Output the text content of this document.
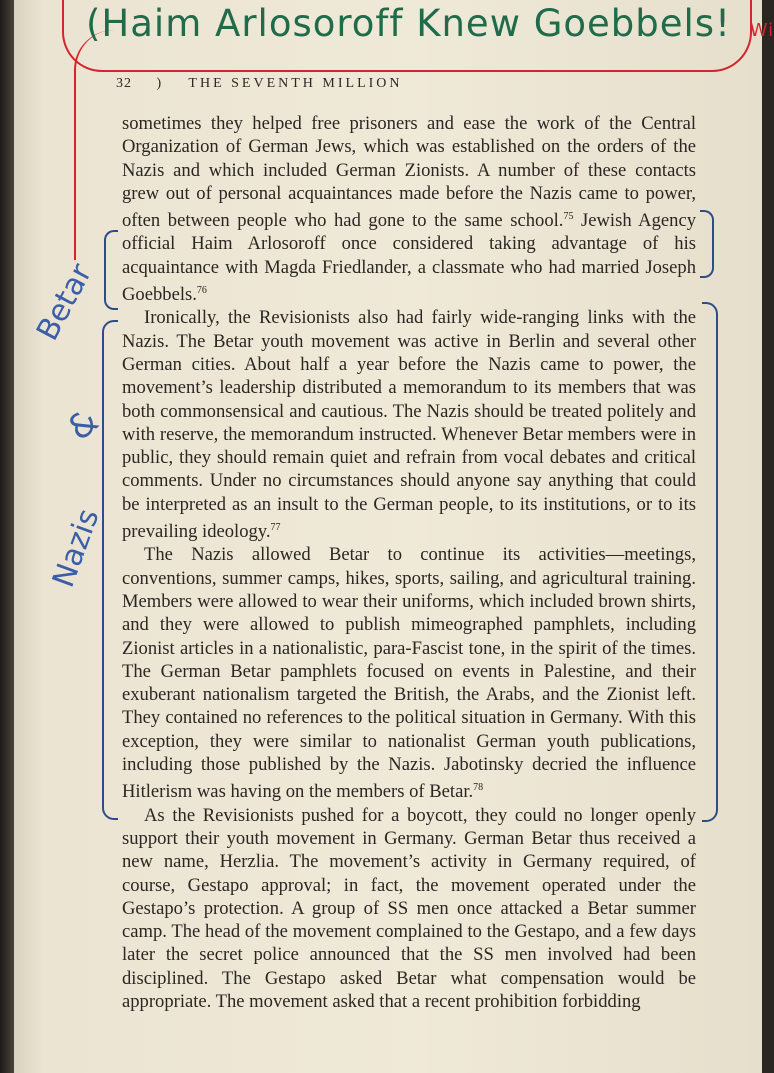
(Haim Arlosoroff Knew Goebbels! Wi
32 ) THE SEVENTH MILLION
Betar
&
Nazis

sometimes they helped free prisoners and ease the work of the Central Organization of German Jews, which was established on the orders of the Nazis and which included German Zionists. A number of these contacts grew out of personal acquaintances made before the Nazis came to power, often between people who had gone to the same school.$^{75}$ Jewish Agency official Haim Arlosoroff once considered taking advantage of his acquaintance with Magda Friedlander, a classmate who had married Joseph Goebbels.$^{76}$

Ironically, the Revisionists also had fairly wide-ranging links with the Nazis. The Betar youth movement was active in Berlin and several other German cities. About half a year before the Nazis came to power, the movement’s leadership distributed a memorandum to its members that was both commonsensical and cautious. The Nazis should be treated politely and with reserve, the memorandum instructed. Whenever Betar members were in public, they should remain quiet and refrain from vocal debates and critical comments. Under no circumstances should anyone say anything that could be interpreted as an insult to the German people, to its institutions, or to its prevailing ideology.$^{77}$

The Nazis allowed Betar to continue its activities—meetings, conventions, summer camps, hikes, sports, sailing, and agricultural training. Members were allowed to wear their uniforms, which included brown shirts, and they were allowed to publish mimeographed pamphlets, including Zionist articles in a nationalistic, para-Fascist tone, in the spirit of the times. The German Betar pamphlets focused on events in Palestine, and their exuberant nationalism targeted the British, the Arabs, and the Zionist left. They contained no references to the political situation in Germany. With this exception, they were similar to nationalist German youth publications, including those published by the Nazis. Jabotinsky decried the influence Hitlerism was having on the members of Betar.$^{78}$

As the Revisionists pushed for a boycott, they could no longer openly support their youth movement in Germany. German Betar thus received a new name, Herzlia. The movement’s activity in Germany required, of course, Gestapo approval; in fact, the movement operated under the Gestapo’s protection. A group of SS men once attacked a Betar summer camp. The head of the movement complained to the Gestapo, and a few days later the secret police announced that the SS men involved had been disciplined. The Gestapo asked Betar what compensation would be appropriate. The movement asked that a recent prohibition forbidding
